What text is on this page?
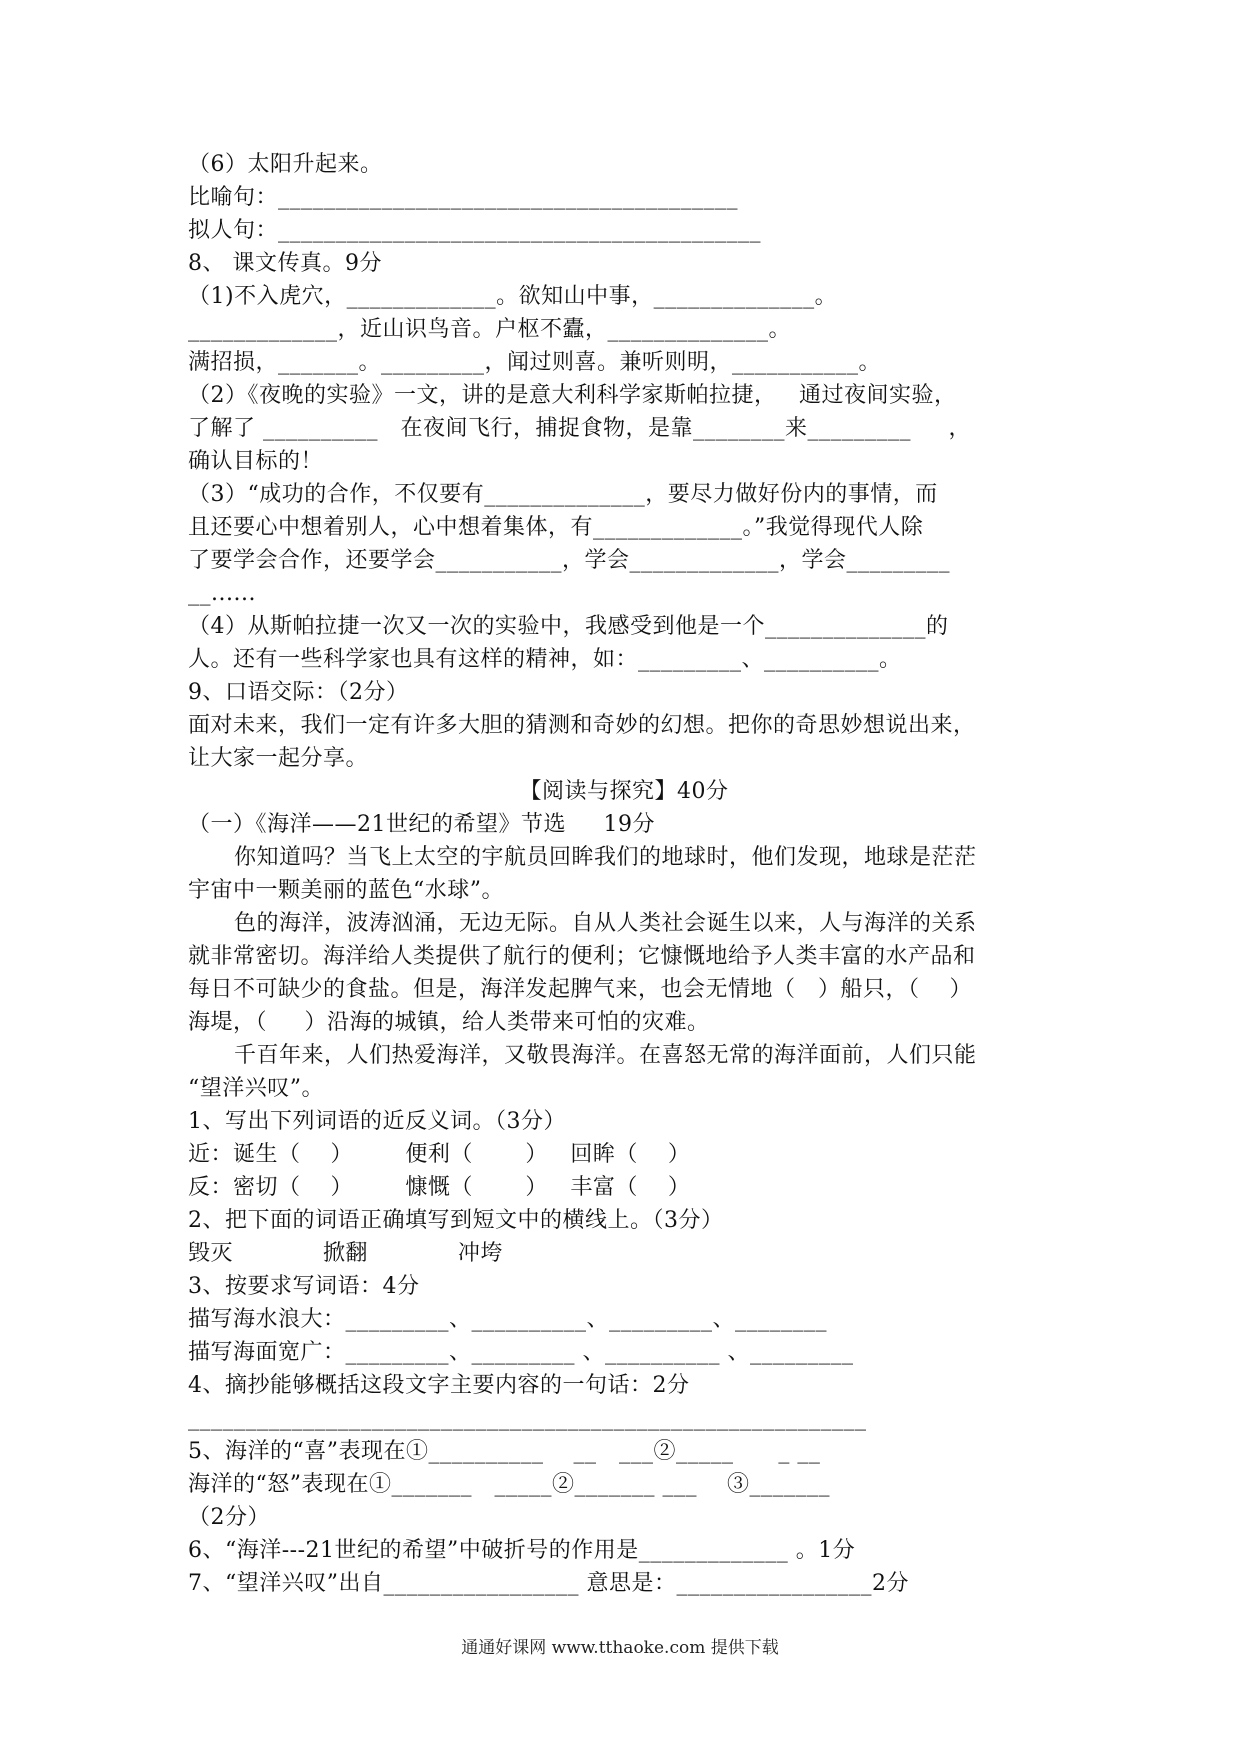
（6）太阳升起来。
比喻句：________________________________________
拟人句：__________________________________________
8、 课文传真。9分
（1)不入虎穴，_____________。欲知山中事，______________。
_____________，近山识鸟音。户枢不蠹，______________。
满招损，_______。_________，闻过则喜。兼听则明，___________。
（2）《夜晚的实验》一文，讲的是意大利科学家斯帕拉捷，   通过夜间实验，
了解了 __________   在夜间飞行，捕捉食物，是靠________来_________     ，
确认目标的！
（3）“成功的合作，不仅要有______________，要尽力做好份内的事情，而
且还要心中想着别人，心中想着集体，有_____________。”我觉得现代人除
了要学会合作，还要学会___________，学会_____________，学会_________
__......
（4）从斯帕拉捷一次又一次的实验中，我感受到他是一个______________的
人。还有一些科学家也具有这样的精神，如：_________、__________。
9、口语交际：（2分）
面对未来，我们一定有许多大胆的猜测和奇妙的幻想。把你的奇思妙想说出来，
让大家一起分享。
【阅读与探究】40分
（一）《海洋——21世纪的希望》节选     19分
你知道吗？当飞上太空的宇航员回眸我们的地球时，他们发现，地球是茫茫
宇宙中一颗美丽的蓝色“水球”。
色的海洋，波涛汹涌，无边无际。自从人类社会诞生以来，人与海洋的关系
就非常密切。海洋给人类提供了航行的便利；它慷慨地给予人类丰富的水产品和
每日不可缺少的食盐。但是，海洋发起脾气来，也会无情地（   ）船只，（    ）
海堤，（     ）沿海的城镇，给人类带来可怕的灾难。
千百年来，人们热爱海洋，又敬畏海洋。在喜怒无常的海洋面前，人们只能
“望洋兴叹”。
1、写出下列词语的近反义词。（3分）
近：诞生（    ）       便利（       ）   回眸（    ）
反：密切（    ）       慷慨（       ）   丰富（    ）
2、把下面的词语正确填写到短文中的横线上。（3分）
毁灭            掀翻            冲垮
3、按要求写词语：4分
描写海水浪大：_________、__________、_________、________
描写海面宽广：_________、_________ 、__________ 、_________
4、摘抄能够概括这段文字主要内容的一句话：2分
___________________________________________________________
5、海洋的“喜”表现在①__________    __   ___②_____      _ __
海洋的“怒”表现在①_______   _____②_______ ___    ③_______
（2分）
6、“海洋---21世纪的希望”中破折号的作用是_____________ 。1分
7、“望洋兴叹”出自_________________ 意思是：_________________2分
通通好课网 www.tthaoke.com 提供下载
